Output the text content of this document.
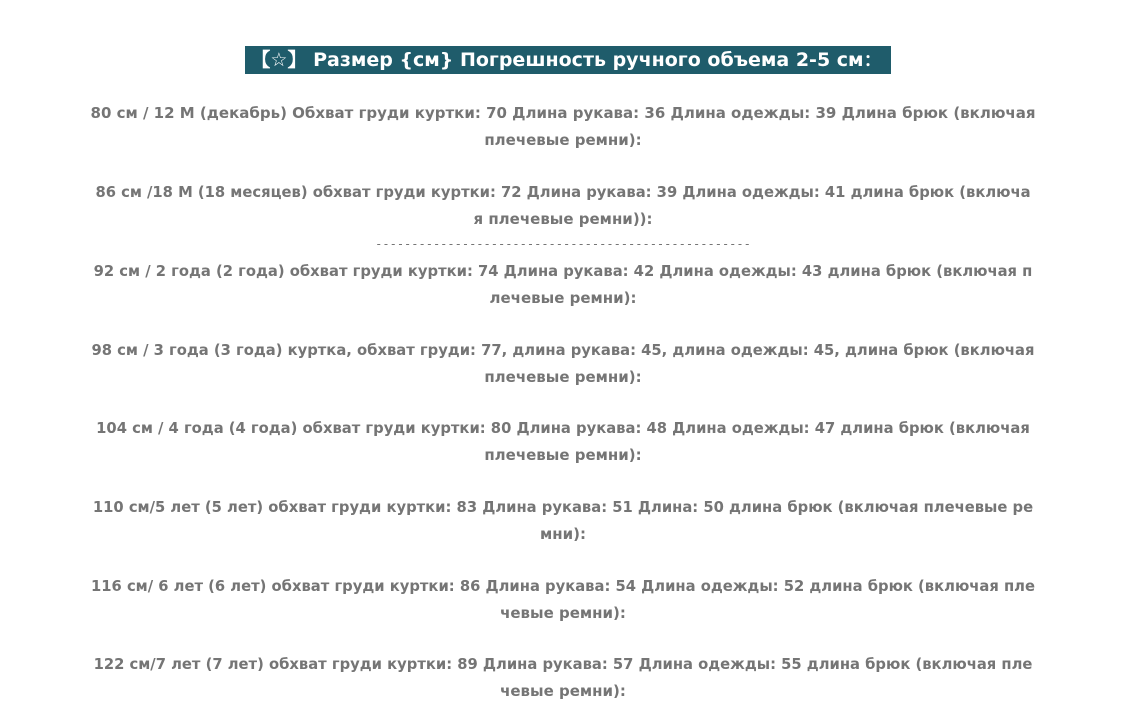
【☆】 Размер {см} Погрешность ручного объема 2-5 см：
80 см / 12 М (декабрь) Обхват груди куртки: 70 Длина рукава: 36 Длина одежды: 39 Длина брюк (включая
плечевые ремни):
86 см /18 М (18 месяцев) обхват груди куртки: 72 Длина рукава: 39 Длина одежды: 41 длина брюк (включа
я плечевые ремни)):
----------------------------------------------------
92 см / 2 года (2 года) обхват груди куртки: 74 Длина рукава: 42 Длина одежды: 43 длина брюк (включая п
лечевые ремни):
98 см / 3 года (3 года) куртка, обхват груди: 77, длина рукава: 45, длина одежды: 45, длина брюк (включая
плечевые ремни):
104 см / 4 года (4 года) обхват груди куртки: 80 Длина рукава: 48 Длина одежды: 47 длина брюк (включая
плечевые ремни):
110 см/5 лет (5 лет) обхват груди куртки: 83 Длина рукава: 51 Длина: 50 длина брюк (включая плечевые ре
мни):
116 см/ 6 лет (6 лет) обхват груди куртки: 86 Длина рукава: 54 Длина одежды: 52 длина брюк (включая пле
чевые ремни):
122 см/7 лет (7 лет) обхват груди куртки: 89 Длина рукава: 57 Длина одежды: 55 длина брюк (включая пле
чевые ремни):
